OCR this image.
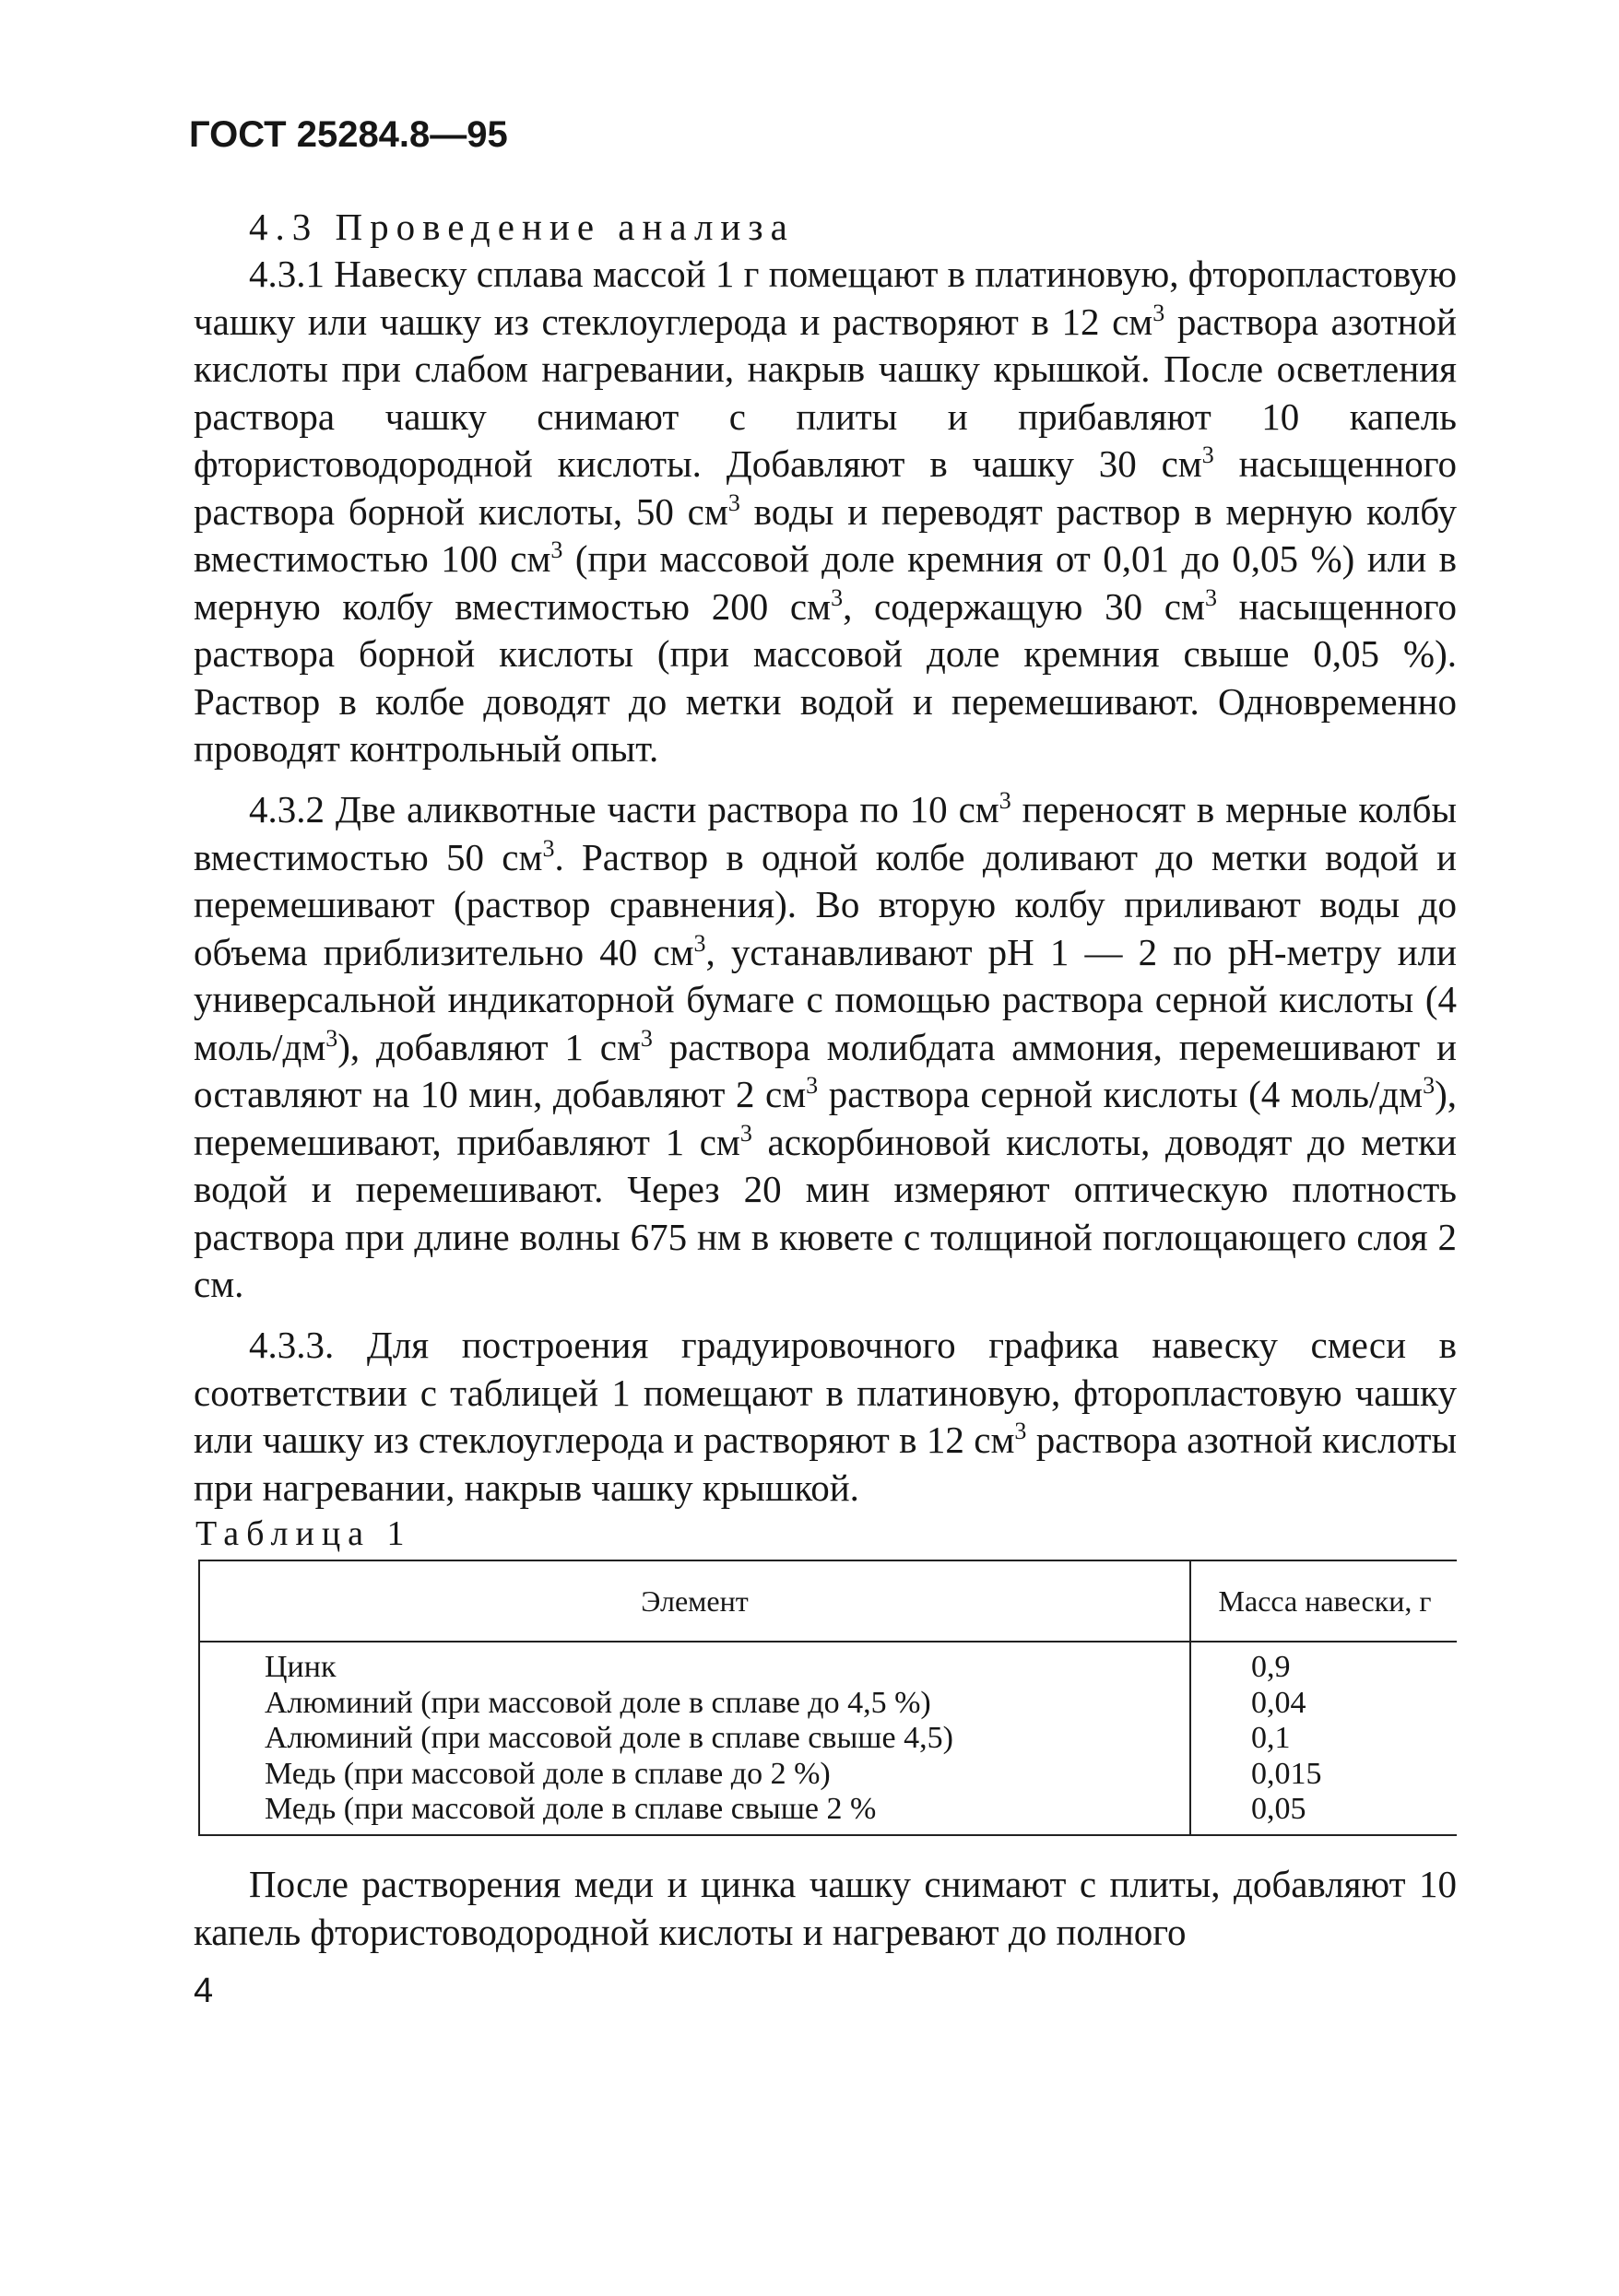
ГОСТ 25284.8—95
4.3 Проведение анализа

4.3.1 Навеску сплава массой 1 г помещают в платиновую, фторопластовую чашку или чашку из стеклоуглерода и растворяют в 12 $см^3$ раствора азотной кислоты при слабом нагревании, накрыв чашку крышкой. После осветления раствора чашку снимают с плиты и прибавляют 10 капель фтористоводородной кислоты. Добавляют в чашку 30 $см^3$ насыщенного раствора борной кислоты, 50 $см^3$ воды и переводят раствор в мерную колбу вместимостью 100 $см^3$ (при массовой доле кремния от 0,01 до 0,05 %) или в мерную колбу вместимостью 200 $см^3$, содержащую 30 $см^3$ насыщенного раствора борной кислоты (при массовой доле кремния свыше 0,05 %). Раствор в колбе доводят до метки водой и перемешивают. Одновременно проводят контрольный опыт.

4.3.2 Две аликвотные части раствора по 10 $см^3$ переносят в мерные колбы вместимостью 50 $см^3$. Раствор в одной колбе доливают до метки водой и перемешивают (раствор сравнения). Во вторую колбу приливают воды до объема приблизительно 40 $см^3$, устанавливают рН 1 — 2 по рН-метру или универсальной индикаторной бумаге с помощью раствора серной кислоты (4 моль/$дм^3$), добавляют 1 $см^3$ раствора молибдата аммония, перемешивают и оставляют на 10 мин, добавляют 2 $см^3$ раствора серной кислоты (4 моль/$дм^3$), перемешивают, прибавляют 1 $см^3$ аскорбиновой кислоты, доводят до метки водой и перемешивают. Через 20 мин измеряют оптическую плотность раствора при длине волны 675 нм в кювете с толщиной поглощающего слоя 2 см.

4.3.3. Для построения градуировочного графика навеску смеси в соответствии с таблицей 1 помещают в платиновую, фторопластовую чашку или чашку из стеклоуглерода и растворяют в 12 $см^3$ раствора азотной кислоты при нагревании, накрыв чашку крышкой.

Таблица 1
Элемент	Масса навески, г
Цинк	0,9
Алюминий (при массовой доле в сплаве до 4,5 %)	0,04
Алюминий (при массовой доле в сплаве свыше 4,5)	0,1
Медь (при массовой доле в сплаве до 2 %)	0,015
Медь (при массовой доле в сплаве свыше 2 %	0,05

После растворения меди и цинка чашку снимают с плиты, добавляют 10 капель фтористоводородной кислоты и нагревают до полного

4
